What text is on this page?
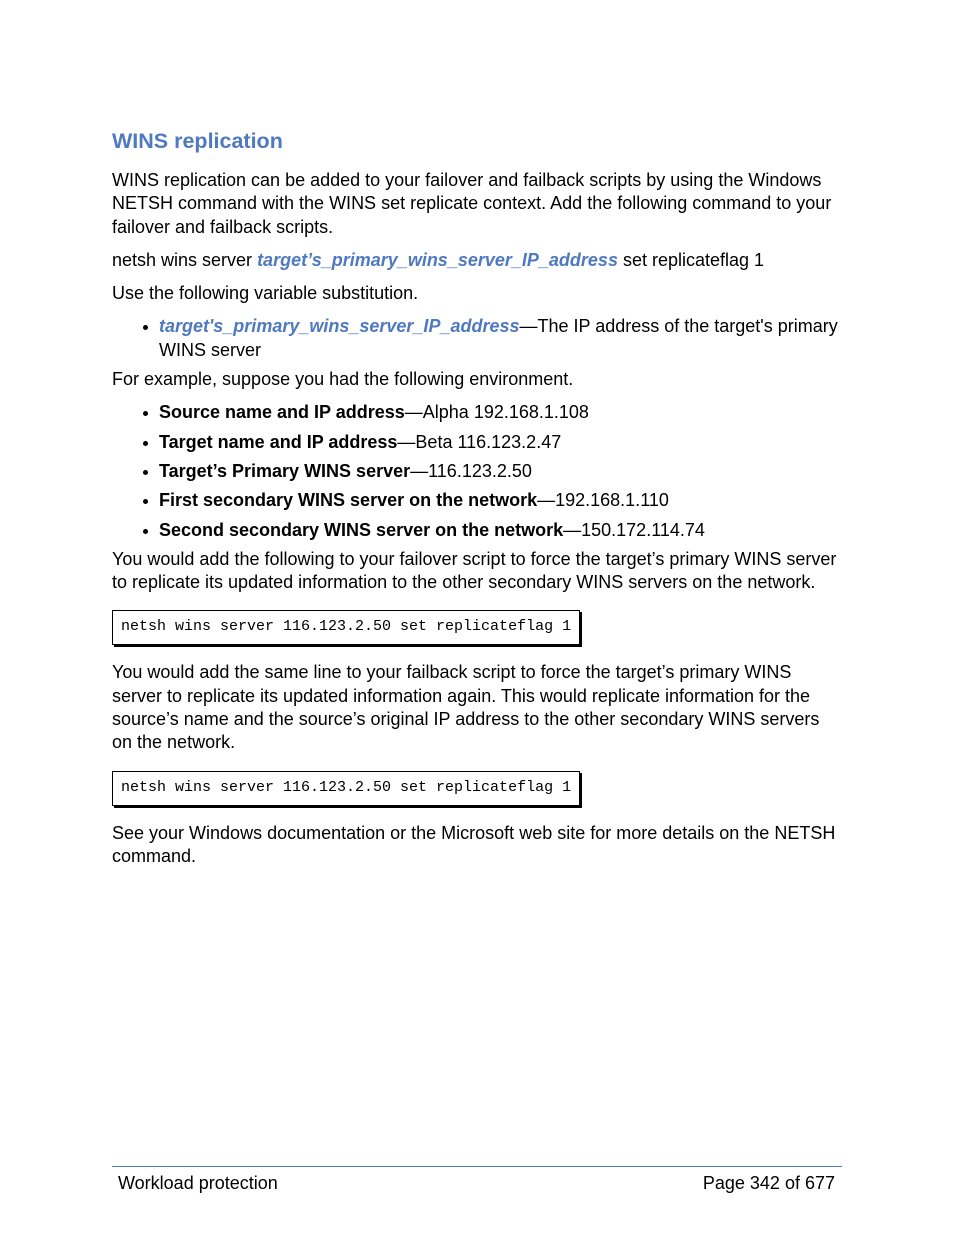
WINS replication

WINS replication can be added to your failover and failback scripts by using the Windows NETSH command with the WINS set replicate context. Add the following command to your failover and failback scripts.

netsh wins server target’s_primary_wins_server_IP_address set replicateflag 1

Use the following variable substitution.

target's_primary_wins_server_IP_address—The IP address of the target's primary WINS server

For example, suppose you had the following environment.

Source name and IP address—Alpha 192.168.1.108
Target name and IP address—Beta 116.123.2.47
Target’s Primary WINS server—116.123.2.50
First secondary WINS server on the network—192.168.1.110
Second secondary WINS server on the network—150.172.114.74

You would add the following to your failover script to force the target’s primary WINS server to replicate its updated information to the other secondary WINS servers on the network.

netsh wins server 116.123.2.50 set replicateflag 1

You would add the same line to your failback script to force the target’s primary WINS server to replicate its updated information again. This would replicate information for the source’s name and the source’s original IP address to the other secondary WINS servers on the network.

netsh wins server 116.123.2.50 set replicateflag 1

See your Windows documentation or the Microsoft web site for more details on the NETSH command.

Workload protection	Page 342 of 677
